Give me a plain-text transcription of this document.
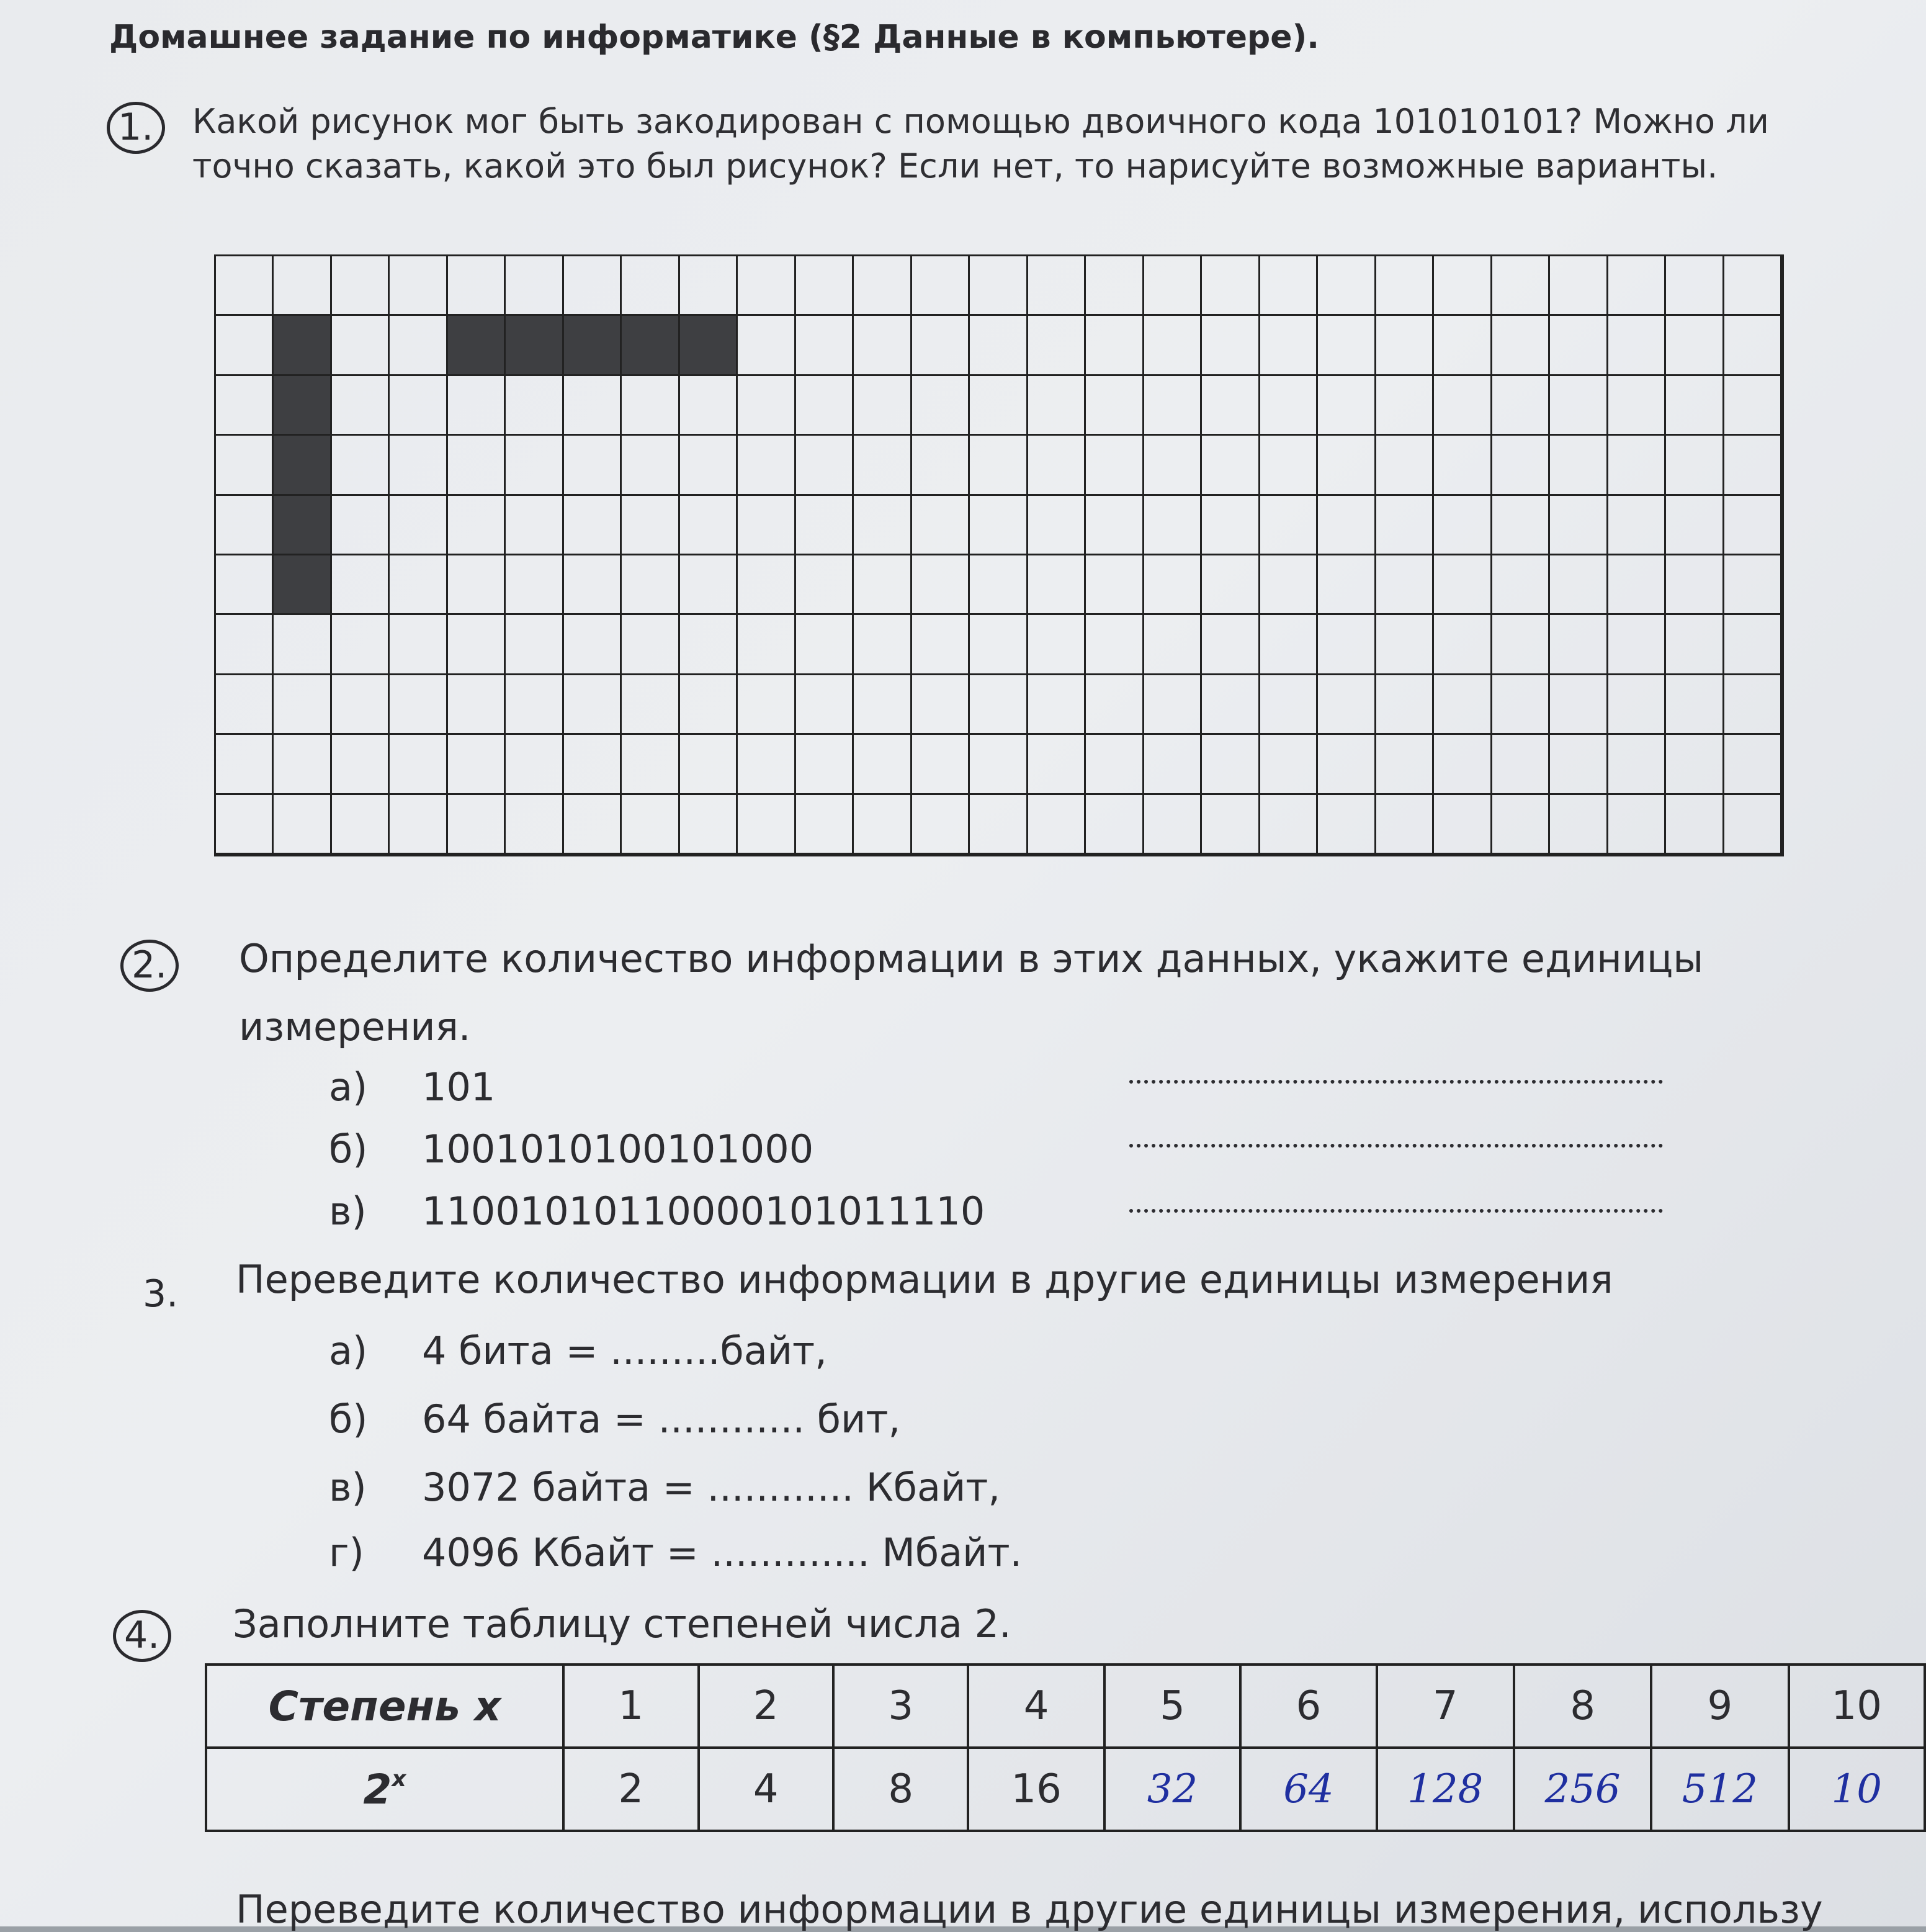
Домашнее задание по информатике (§2 Данные в компьютере).
1. Какой рисунок мог быть закодирован с помощью двоичного кода 101010101? Можно ли точно сказать, какой это был рисунок? Если нет, то нарисуйте возможные варианты.
2. Определите количество информации в этих данных, укажите единицы измерения.
а) 101
б) 1001010100101000
в) 11001010110000101011110
3. Переведите количество информации в другие единицы измерения
а) 4 бита = .........байт,
б) 64 байта = ............ бит,
в) 3072 байта = ............ Кбайт,
г) 4096 Кбайт = ............. Мбайт.
4. Заполните таблицу степеней числа 2.
Степень x	1	2	3	4	5	6	7	8	9	10
2$^x$	2	4	8	16	32	64	128	256	512	10
Переведите количество информации в другие единицы измерения, использу
